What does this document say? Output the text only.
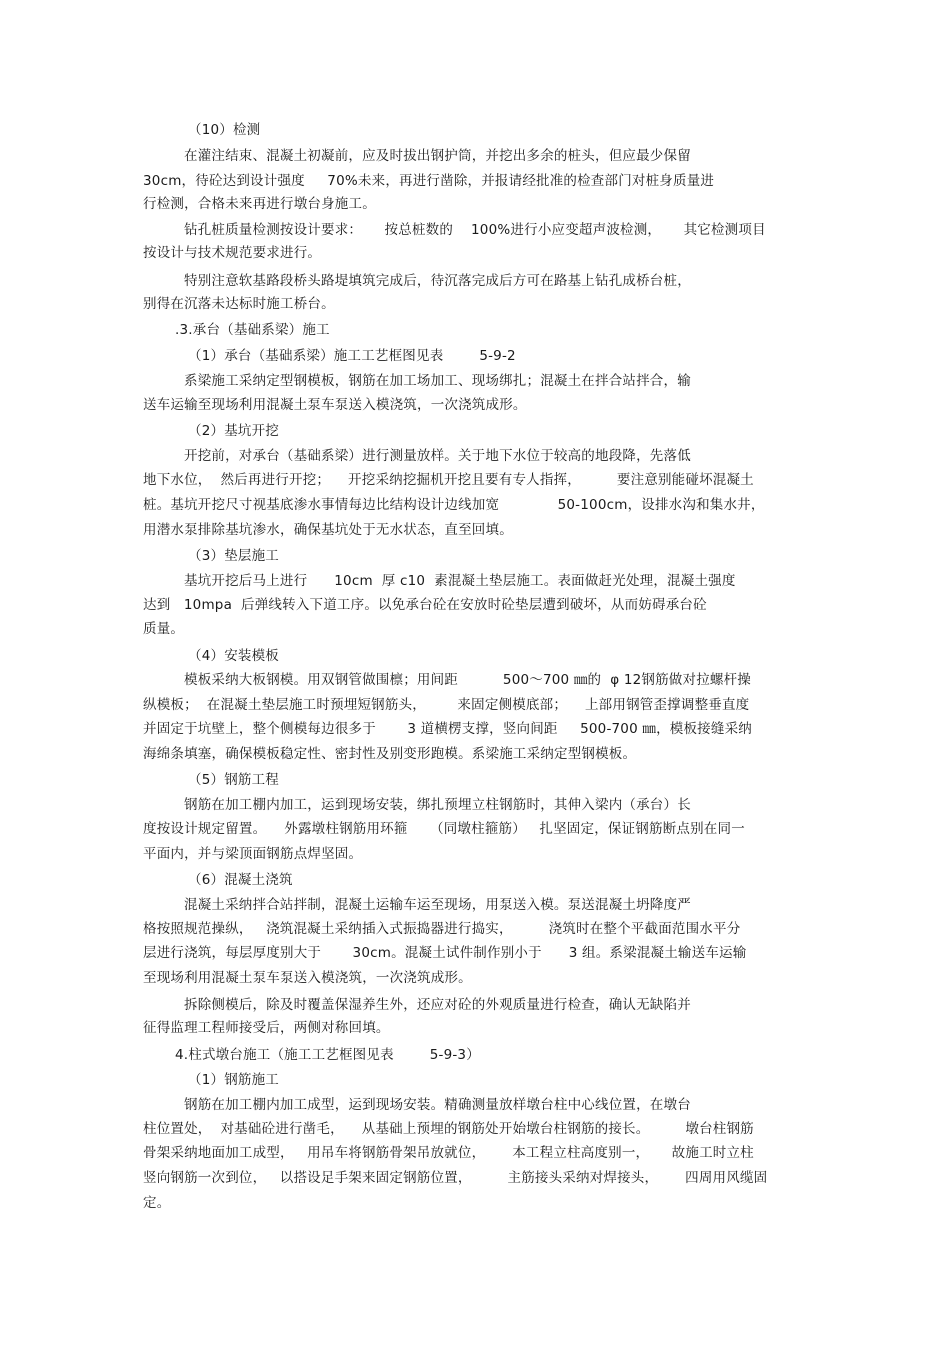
（10）检测
在灌注结束、混凝土初凝前，应及时拔出钢护筒，并挖出多余的桩头，但应最少保留
30cm，待砼达到设计强度     70%未来，再进行凿除，并报请经批准的检查部门对桩身质量进
行检测，合格未来再进行墩台身施工。
钻孔桩质量检测按设计要求：     按总桩数的    100%进行小应变超声波检测，     其它检测项目
按设计与技术规范要求进行。
特别注意软基路段桥头路堤填筑完成后，待沉落完成后方可在路基上钻孔成桥台桩，
别得在沉落未达标时施工桥台。
.3.承台（基础系梁）施工
（1）承台（基础系梁）施工工艺框图见表        5-9-2
系梁施工采纳定型钢模板，钢筋在加工场加工、现场绑扎；混凝土在拌合站拌合，输
送车运输至现场利用混凝土泵车泵送入模浇筑，一次浇筑成形。
（2）基坑开挖
开挖前，对承台（基础系梁）进行测量放样。关于地下水位于较高的地段降，先落低
地下水位，  然后再进行开挖；    开挖采纳挖掘机开挖且要有专人指挥，        要注意别能碰坏混凝土
桩。基坑开挖尺寸视基底渗水事情每边比结构设计边线加宽             50-100cm，设排水沟和集水井，
用潜水泵排除基坑渗水，确保基坑处于无水状态，直至回填。
（3）垫层施工
基坑开挖后马上进行      10cm  厚 c10  素混凝土垫层施工。表面做赶光处理，混凝土强度
达到   10mpa  后弹线转入下道工序。以免承台砼在安放时砼垫层遭到破坏，从而妨碍承台砼
质量。
（4）安装模板
模板采纳大板钢模。用双钢管做围檩；用间距          500～700 ㎜的  φ 12钢筋做对拉螺杆操
纵模板；  在混凝土垫层施工时预埋短钢筋头，       来固定侧模底部；    上部用钢管歪撑调整垂直度
并固定于坑壁上，整个侧模每边很多于       3 道横楞支撑，竖向间距     500-700 ㎜，模板接缝采纳
海绵条填塞，确保模板稳定性、密封性及别变形跑模。系梁施工采纳定型钢模板。
（5）钢筋工程
钢筋在加工棚内加工，运到现场安装，绑扎预埋立柱钢筋时，其伸入梁内（承台）长
度按设计规定留置。    外露墩柱钢筋用环箍     （同墩柱箍筋）   扎坚固定，保证钢筋断点别在同一
平面内，并与梁顶面钢筋点焊坚固。
（6）混凝土浇筑
混凝土采纳拌合站拌制，混凝土运输车运至现场，用泵送入模。泵送混凝土坍降度严
格按照规范操纵，   浇筑混凝土采纳插入式振捣器进行捣实，        浇筑时在整个平截面范围水平分
层进行浇筑，每层厚度别大于       30cm。混凝土试件制作别小于      3 组。系梁混凝土输送车运输
至现场利用混凝土泵车泵送入模浇筑，一次浇筑成形。
拆除侧模后，除及时覆盖保湿养生外，还应对砼的外观质量进行检查，确认无缺陷并
征得监理工程师接受后，两侧对称回填。
4.柱式墩台施工（施工工艺框图见表        5-9-3）
（1）钢筋施工
钢筋在加工棚内加工成型，运到现场安装。精确测量放样墩台柱中心线位置，在墩台
柱位置处，  对基础砼进行凿毛，    从基础上预埋的钢筋处开始墩台柱钢筋的接长。        墩台柱钢筋
骨架采纳地面加工成型，   用吊车将钢筋骨架吊放就位，      本工程立柱高度别一，     故施工时立柱
竖向钢筋一次到位，   以搭设足手架来固定钢筋位置，        主筋接头采纳对焊接头，      四周用风缆固
定。
